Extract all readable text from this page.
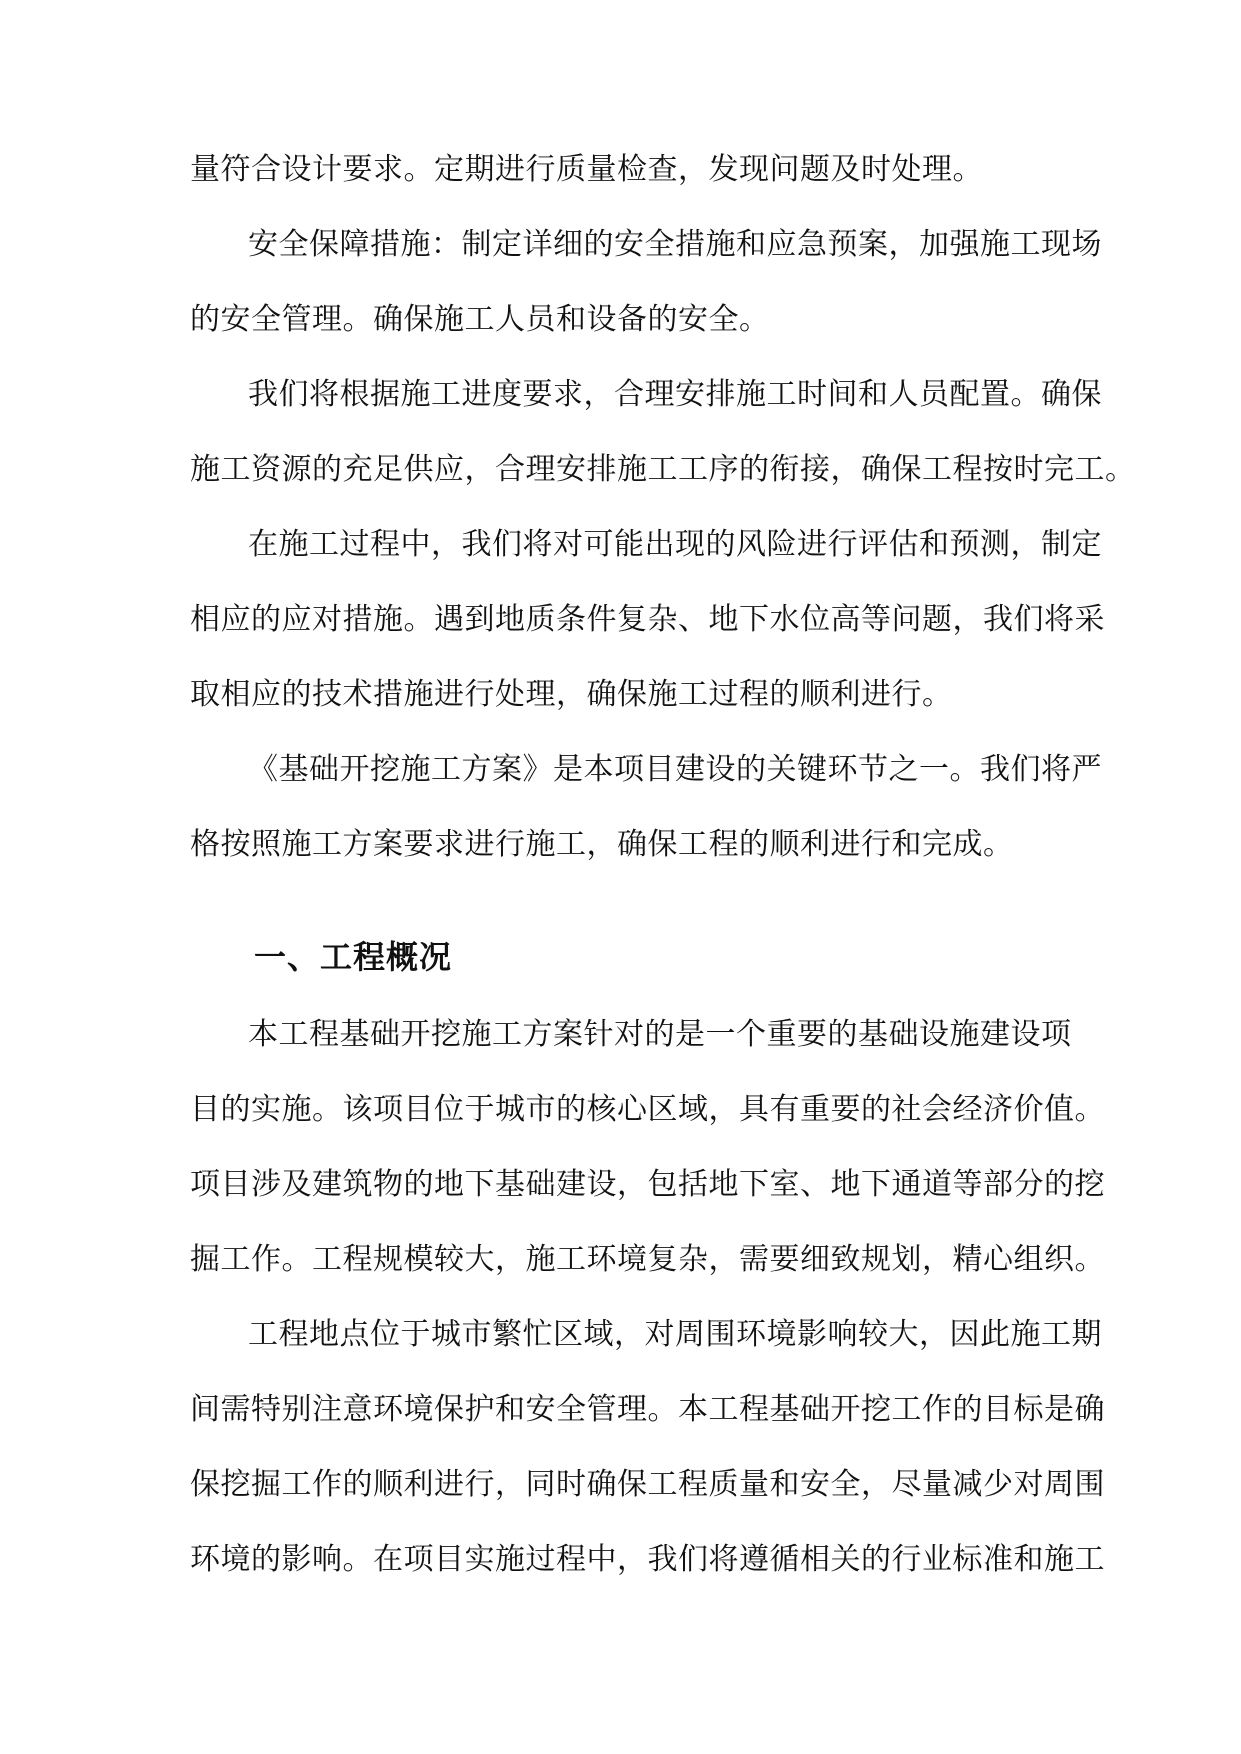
量符合设计要求。定期进行质量检查，发现问题及时处理。
安全保障措施：制定详细的安全措施和应急预案，加强施工现场
的安全管理。确保施工人员和设备的安全。
我们将根据施工进度要求，合理安排施工时间和人员配置。确保
施工资源的充足供应，合理安排施工工序的衔接，确保工程按时完工。
在施工过程中，我们将对可能出现的风险进行评估和预测，制定
相应的应对措施。遇到地质条件复杂、地下水位高等问题，我们将采
取相应的技术措施进行处理，确保施工过程的顺利进行。
《基础开挖施工方案》是本项目建设的关键环节之一。我们将严
格按照施工方案要求进行施工，确保工程的顺利进行和完成。
一、工程概况
本工程基础开挖施工方案针对的是一个重要的基础设施建设项
目的实施。该项目位于城市的核心区域，具有重要的社会经济价值。
项目涉及建筑物的地下基础建设，包括地下室、地下通道等部分的挖
掘工作。工程规模较大，施工环境复杂，需要细致规划，精心组织。
工程地点位于城市繁忙区域，对周围环境影响较大，因此施工期
间需特别注意环境保护和安全管理。本工程基础开挖工作的目标是确
保挖掘工作的顺利进行，同时确保工程质量和安全，尽量减少对周围
环境的影响。在项目实施过程中，我们将遵循相关的行业标准和施工
